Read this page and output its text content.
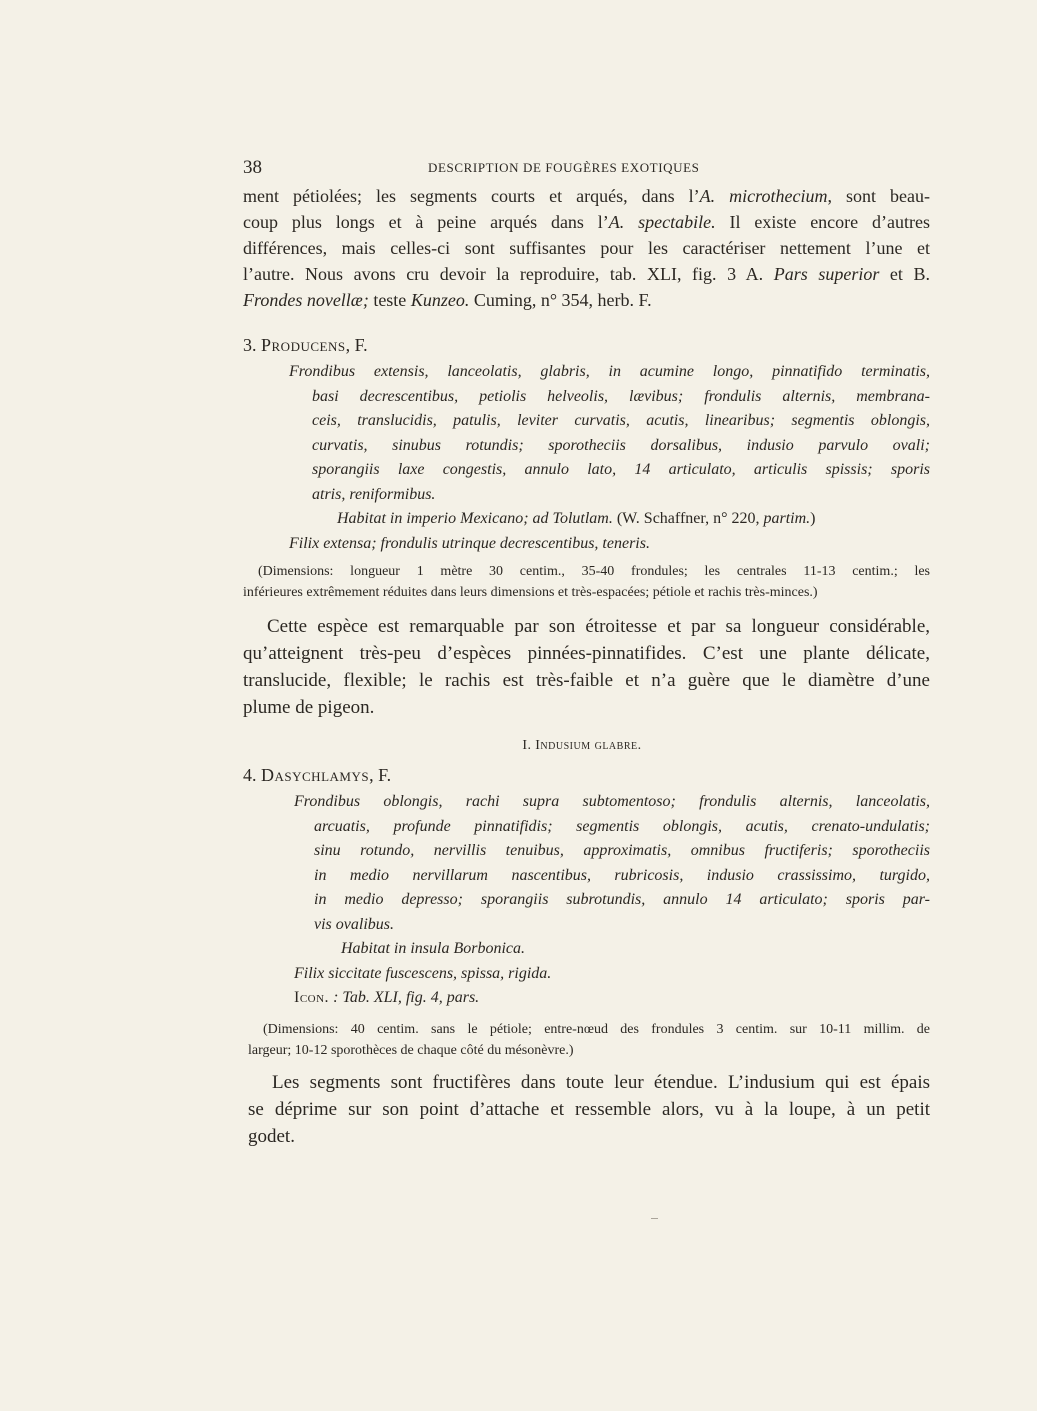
38	DESCRIPTION DE FOUGÈRES EXOTIQUES
ment pétiolées; les segments courts et arqués, dans l’A. microthecium, sont beau-
coup plus longs et à peine arqués dans l’A. spectabile. Il existe encore d’autres
différences, mais celles-ci sont suffisantes pour les caractériser nettement l’une et
l’autre. Nous avons cru devoir la reproduire, tab. XLI, fig. 3 A. Pars superior et B.
Frondes novellæ; teste Kunzeo. Cuming, n° 354, herb. F.
3. Producens, F.
Frondibus extensis, lanceolatis, glabris, in acumine longo, pinnatifido terminatis,
basi decrescentibus, petiolis helveolis, lævibus; frondulis alternis, membrana-
ceis, translucidis, patulis, leviter curvatis, acutis, linearibus; segmentis oblongis,
curvatis, sinubus rotundis; sporotheciis dorsalibus, indusio parvulo ovali;
sporangiis laxe congestis, annulo lato, 14 articulato, articulis spissis; sporis
atris, reniformibus.
Habitat in imperio Mexicano; ad Tolutlam. (W. Schaffner, n° 220, partim.)
Filix extensa; frondulis utrinque decrescentibus, teneris.
(Dimensions: longueur 1 mètre 30 centim., 35-40 frondules; les centrales 11-13 centim.; les
inférieures extrêmement réduites dans leurs dimensions et très-espacées; pétiole et rachis très-minces.)
Cette espèce est remarquable par son étroitesse et par sa longueur considérable,
qu’atteignent très-peu d’espèces pinnées-pinnatifides. C’est une plante délicate,
translucide, flexible; le rachis est très-faible et n’a guère que le diamètre d’une
plume de pigeon.
I. Indusium glabre.
4. Dasychlamys, F.
Frondibus oblongis, rachi supra subtomentoso; frondulis alternis, lanceolatis,
arcuatis, profunde pinnatifidis; segmentis oblongis, acutis, crenato-undulatis;
sinu rotundo, nervillis tenuibus, approximatis, omnibus fructiferis; sporotheciis
in medio nervillarum nascentibus, rubricosis, indusio crassissimo, turgido,
in medio depresso; sporangiis subrotundis, annulo 14 articulato; sporis par-
vis ovalibus.
Habitat in insula Borbonica.
Filix siccitate fuscescens, spissa, rigida.
Icon. : Tab. XLI, fig. 4, pars.
(Dimensions: 40 centim. sans le pétiole; entre-nœud des frondules 3 centim. sur 10-11 millim. de
largeur; 10-12 sporothèces de chaque côté du mésonèvre.)
Les segments sont fructifères dans toute leur étendue. L’indusium qui est épais
se déprime sur son point d’attache et ressemble alors, vu à la loupe, à un petit
godet.
